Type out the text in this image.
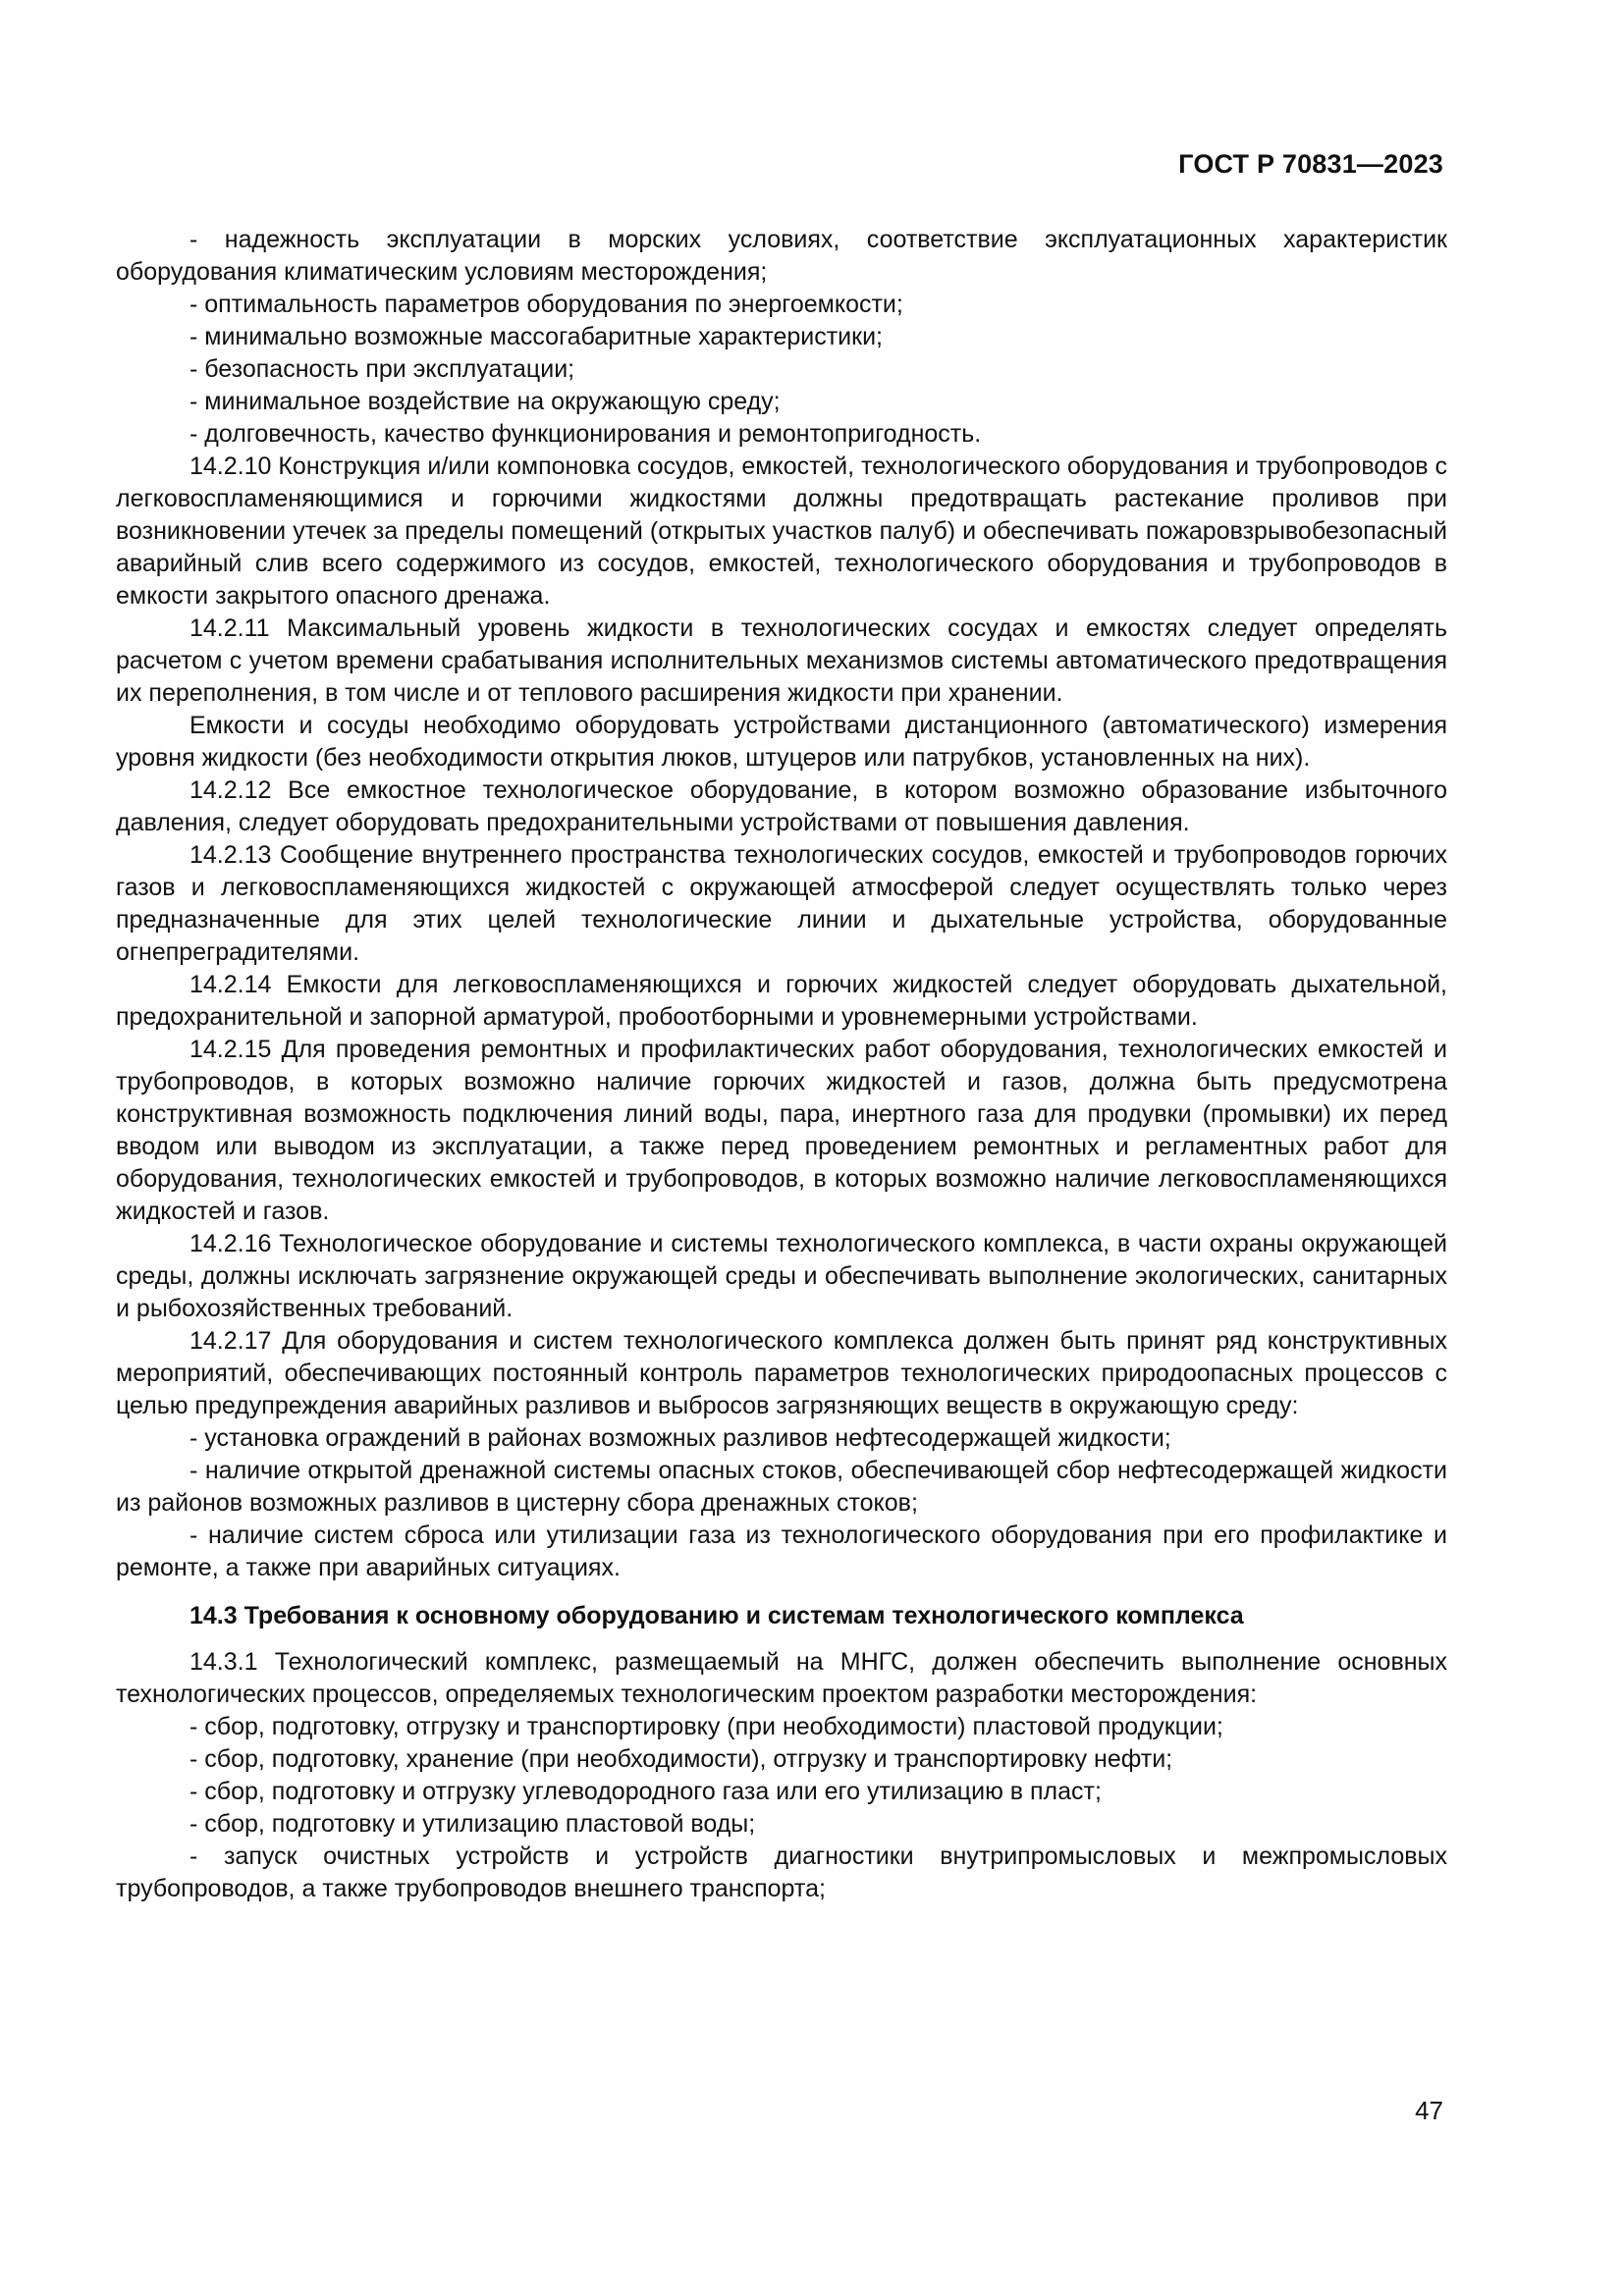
ГОСТ Р 70831—2023

- надежность эксплуатации в морских условиях, соответствие эксплуатационных характеристик оборудования климатическим условиям месторождения;

- оптимальность параметров оборудования по энергоемкости;

- минимально возможные массогабаритные характеристики;

- безопасность при эксплуатации;

- минимальное воздействие на окружающую среду;

- долговечность, качество функционирования и ремонтопригодность.

14.2.10 Конструкция и/или компоновка сосудов, емкостей, технологического оборудования и трубопроводов с легковоспламеняющимися и горючими жидкостями должны предотвращать растекание проливов при возникновении утечек за пределы помещений (открытых участков палуб) и обеспечивать пожаровзрывобезопасный аварийный слив всего содержимого из сосудов, емкостей, технологического оборудования и трубопроводов в емкости закрытого опасного дренажа.

14.2.11 Максимальный уровень жидкости в технологических сосудах и емкостях следует определять расчетом с учетом времени срабатывания исполнительных механизмов системы автоматического предотвращения их переполнения, в том числе и от теплового расширения жидкости при хранении.

Емкости и сосуды необходимо оборудовать устройствами дистанционного (автоматического) измерения уровня жидкости (без необходимости открытия люков, штуцеров или патрубков, установленных на них).

14.2.12 Все емкостное технологическое оборудование, в котором возможно образование избыточного давления, следует оборудовать предохранительными устройствами от повышения давления.

14.2.13 Сообщение внутреннего пространства технологических сосудов, емкостей и трубопроводов горючих газов и легковоспламеняющихся жидкостей с окружающей атмосферой следует осуществлять только через предназначенные для этих целей технологические линии и дыхательные устройства, оборудованные огнепреградителями.

14.2.14 Емкости для легковоспламеняющихся и горючих жидкостей следует оборудовать дыхательной, предохранительной и запорной арматурой, пробоотборными и уровнемерными устройствами.

14.2.15 Для проведения ремонтных и профилактических работ оборудования, технологических емкостей и трубопроводов, в которых возможно наличие горючих жидкостей и газов, должна быть предусмотрена конструктивная возможность подключения линий воды, пара, инертного газа для продувки (промывки) их перед вводом или выводом из эксплуатации, а также перед проведением ремонтных и регламентных работ для оборудования, технологических емкостей и трубопроводов, в которых возможно наличие легковоспламеняющихся жидкостей и газов.

14.2.16 Технологическое оборудование и системы технологического комплекса, в части охраны окружающей среды, должны исключать загрязнение окружающей среды и обеспечивать выполнение экологических, санитарных и рыбохозяйственных требований.

14.2.17 Для оборудования и систем технологического комплекса должен быть принят ряд конструктивных мероприятий, обеспечивающих постоянный контроль параметров технологических природоопасных процессов с целью предупреждения аварийных разливов и выбросов загрязняющих веществ в окружающую среду:

- установка ограждений в районах возможных разливов нефтесодержащей жидкости;

- наличие открытой дренажной системы опасных стоков, обеспечивающей сбор нефтесодержащей жидкости из районов возможных разливов в цистерну сбора дренажных стоков;

- наличие систем сброса или утилизации газа из технологического оборудования при его профилактике и ремонте, а также при аварийных ситуациях.

14.3 Требования к основному оборудованию и системам технологического комплекса

14.3.1 Технологический комплекс, размещаемый на МНГС, должен обеспечить выполнение основных технологических процессов, определяемых технологическим проектом разработки месторождения:

- сбор, подготовку, отгрузку и транспортировку (при необходимости) пластовой продукции;

- сбор, подготовку, хранение (при необходимости), отгрузку и транспортировку нефти;

- сбор, подготовку и отгрузку углеводородного газа или его утилизацию в пласт;

- сбор, подготовку и утилизацию пластовой воды;

- запуск очистных устройств и устройств диагностики внутрипромысловых и межпромысловых трубопроводов, а также трубопроводов внешнего транспорта;

47
